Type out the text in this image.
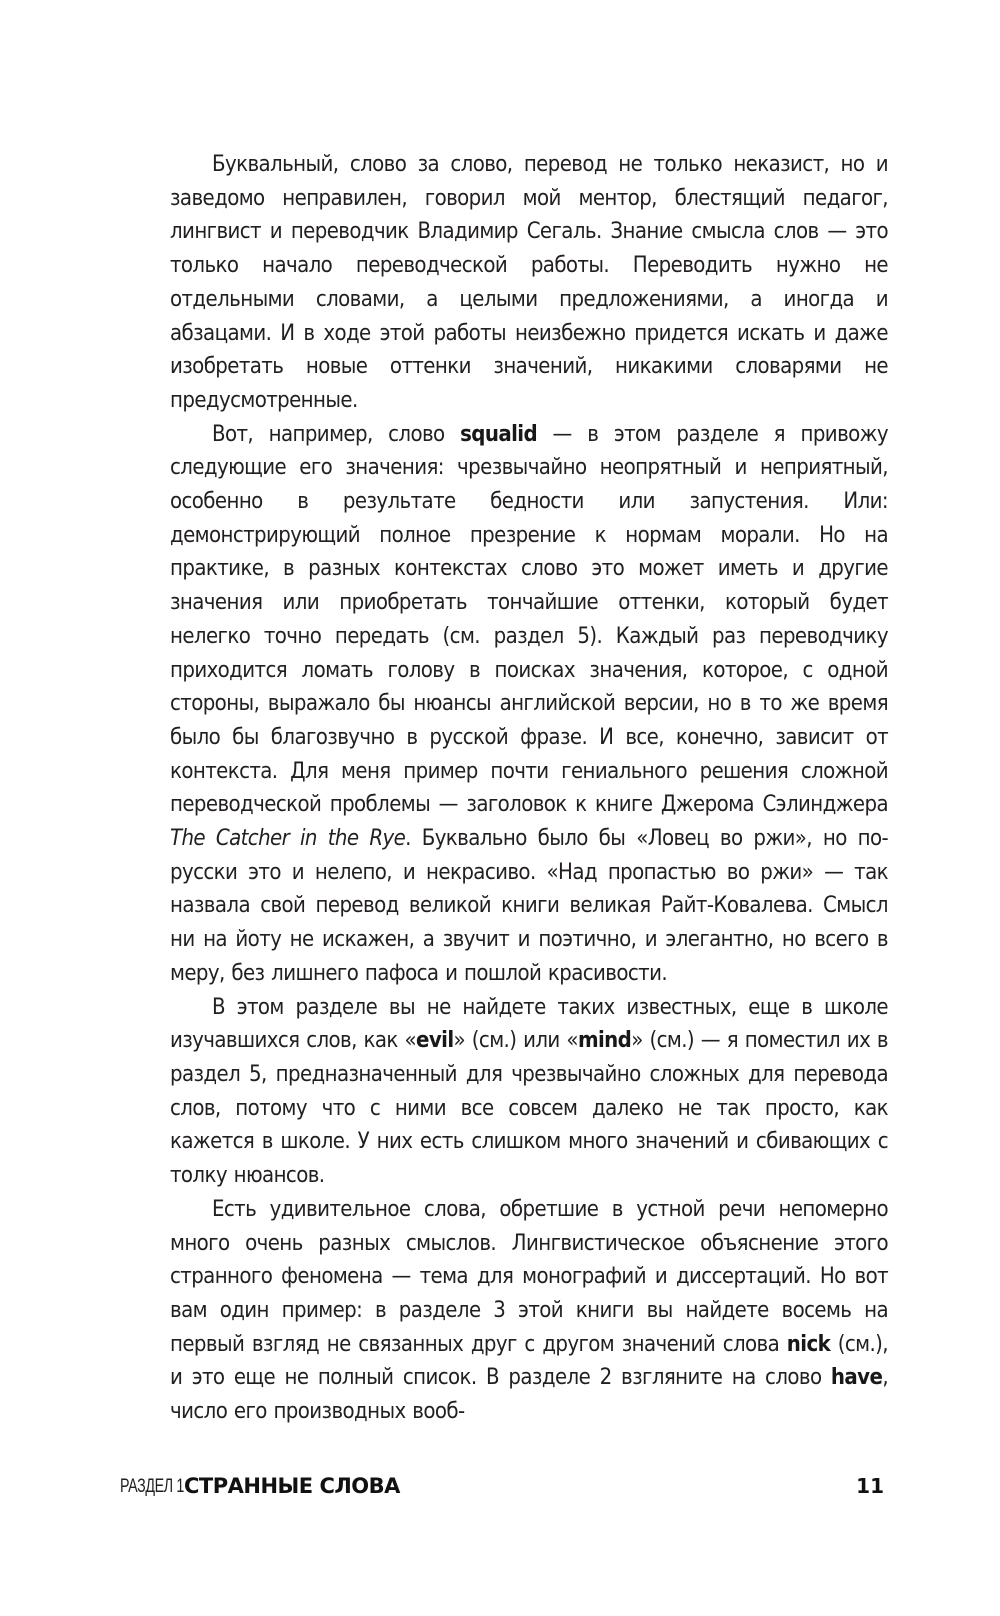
Буквальный, слово за слово, перевод не только неказист, но и заведомо неправилен, говорил мой ментор, блестящий педагог, лингвист и переводчик Владимир Сегаль. Знание смысла слов — это только начало переводческой работы. Переводить нужно не отдельными словами, а целыми предложениями, а иногда и абзацами. И в ходе этой работы неизбежно придется искать и даже изобретать новые оттенки значений, никакими словарями не предусмотренные.

Вот, например, слово squalid — в этом разделе я привожу следующие его значения: чрезвычайно неопрятный и неприятный, особенно в результате бедности или запустения. Или: демонстрирующий полное презрение к нормам морали. Но на практике, в разных контекстах слово это может иметь и другие значения или приобретать тончайшие оттенки, который будет нелегко точно передать (см. раздел 5). Каждый раз переводчику приходится ломать голову в поисках значения, которое, с одной стороны, выражало бы нюансы английской версии, но в то же время было бы благозвучно в русской фразе. И все, конечно, зависит от контекста. Для меня пример почти гениального решения сложной переводческой проблемы — заголовок к книге Джерома Сэлинджера The Catcher in the Rye. Буквально было бы «Ловец во ржи», но по-русски это и нелепо, и некрасиво. «Над пропастью во ржи» — так назвала свой перевод великой книги великая Райт-Ковалева. Смысл ни на йоту не искажен, а звучит и поэтично, и элегантно, но всего в меру, без лишнего пафоса и пошлой красивости.

В этом разделе вы не найдете таких известных, еще в школе изучавшихся слов, как «evil» (см.) или «mind» (см.) — я поместил их в раздел 5, предназначенный для чрезвычайно сложных для перевода слов, потому что с ними все совсем далеко не так просто, как кажется в школе. У них есть слишком много значений и сбивающих с толку нюансов.

Есть удивительное слова, обретшие в устной речи непомерно много очень разных смыслов. Лингвистическое объяснение этого странного феномена — тема для монографий и диссертаций. Но вот вам один пример: в разделе 3 этой книги вы найдете восемь на первый взгляд не связанных друг с другом значений слова nick (см.), и это еще не полный список. В разделе 2 взгляните на слово have, число его производных вооб-

РАЗДЕЛ 1 СТРАННЫЕ СЛОВА	11
